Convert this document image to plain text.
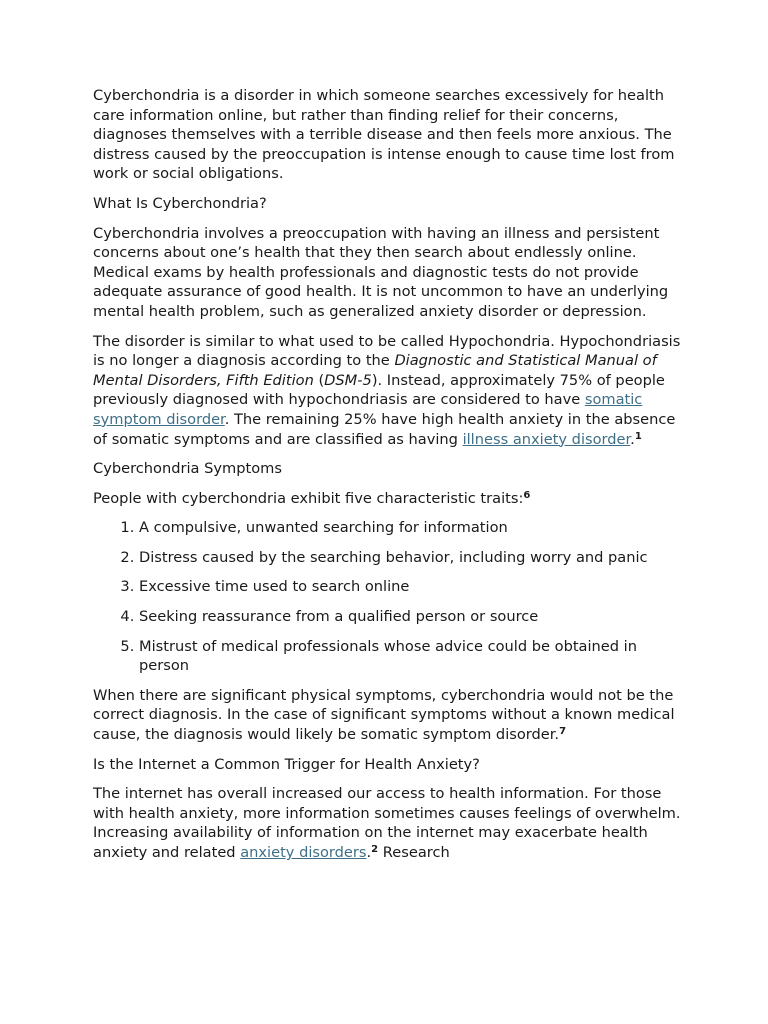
Cyberchondria is a disorder in which someone searches excessively for health care information online, but rather than finding relief for their concerns, diagnoses themselves with a terrible disease and then feels more anxious. The distress caused by the preoccupation is intense enough to cause time lost from work or social obligations.

What Is Cyberchondria?

Cyberchondria involves a preoccupation with having an illness and persistent concerns about one’s health that they then search about endlessly online. Medical exams by health professionals and diagnostic tests do not provide adequate assurance of good health. It is not uncommon to have an underlying mental health problem, such as generalized anxiety disorder or depression.

The disorder is similar to what used to be called Hypochondria. Hypochondriasis is no longer a diagnosis according to the Diagnostic and Statistical Manual of Mental Disorders, Fifth Edition (DSM-5). Instead, approximately 75% of people previously diagnosed with hypochondriasis are considered to have somatic symptom disorder. The remaining 25% have high health anxiety in the absence of somatic symptoms and are classified as having illness anxiety disorder.$^1$

Cyberchondria Symptoms

People with cyberchondria exhibit five characteristic traits:$^6$

1. A compulsive, unwanted searching for information
2. Distress caused by the searching behavior, including worry and panic
3. Excessive time used to search online
4. Seeking reassurance from a qualified person or source
5. Mistrust of medical professionals whose advice could be obtained in person

When there are significant physical symptoms, cyberchondria would not be the correct diagnosis. In the case of significant symptoms without a known medical cause, the diagnosis would likely be somatic symptom disorder.$^7$

Is the Internet a Common Trigger for Health Anxiety?

The internet has overall increased our access to health information. For those with health anxiety, more information sometimes causes feelings of overwhelm. Increasing availability of information on the internet may exacerbate health anxiety and related anxiety disorders.$^2$ Research
